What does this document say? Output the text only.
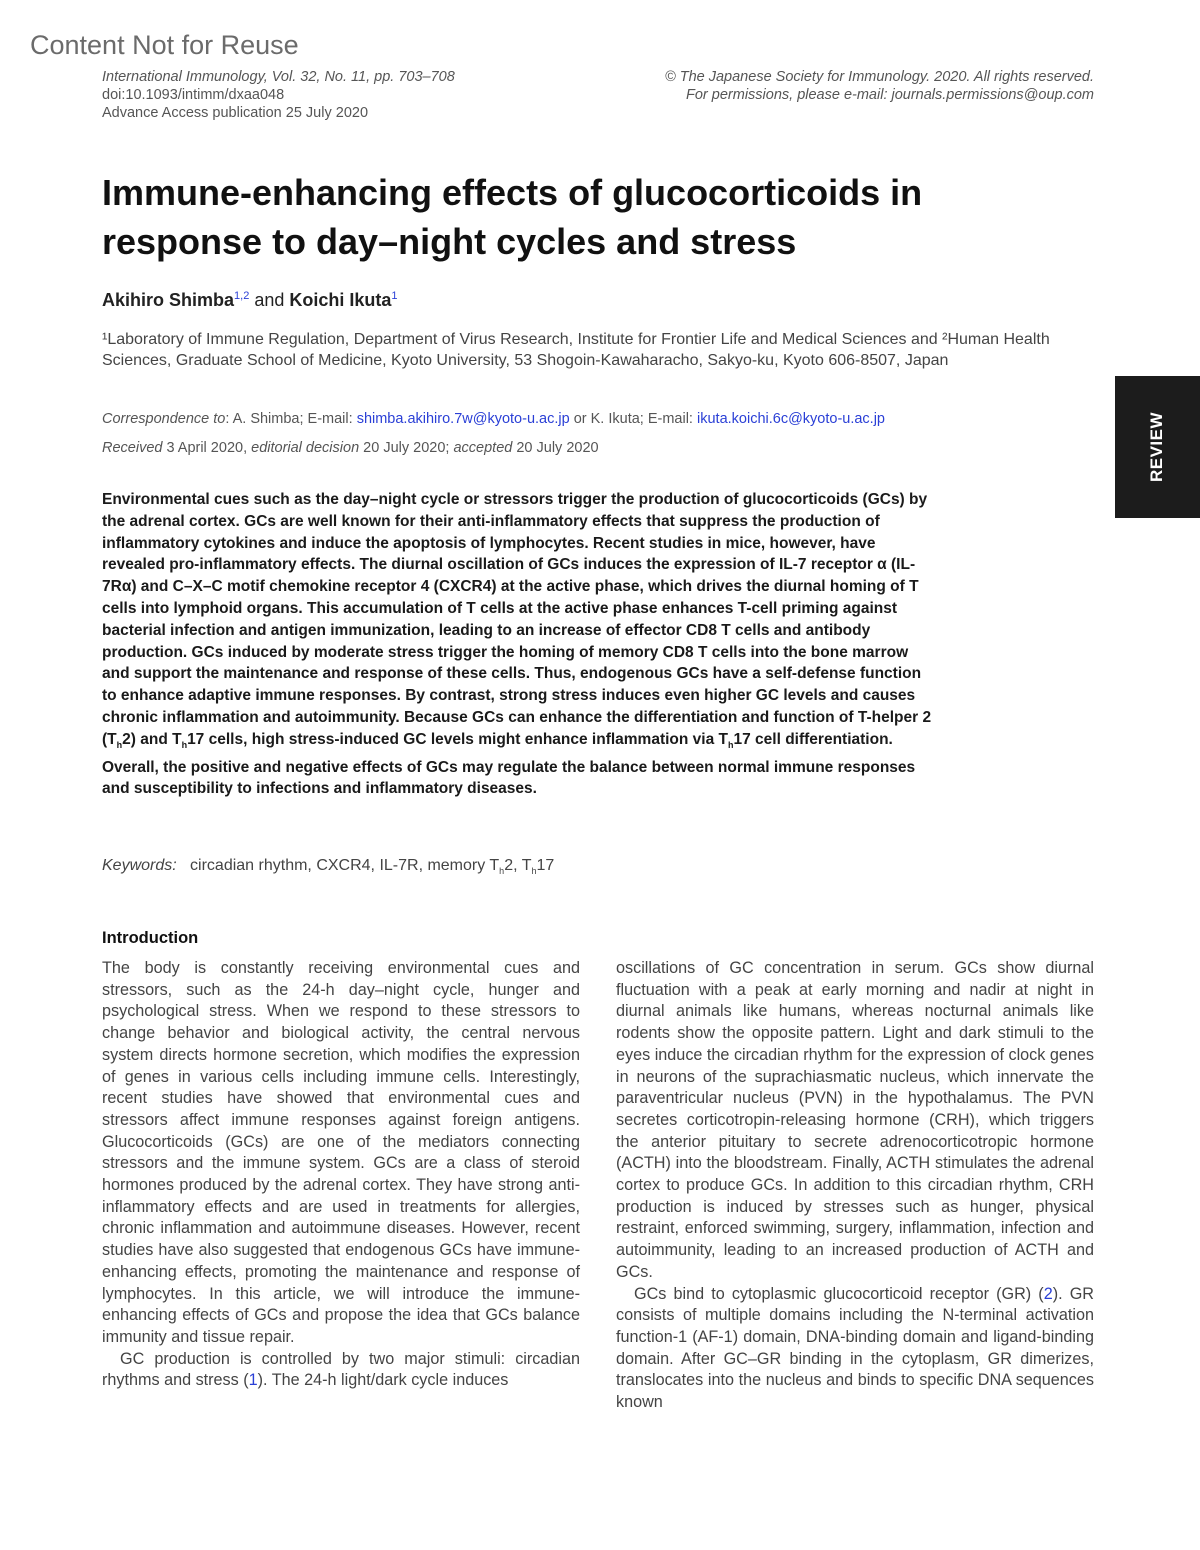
Content Not for Reuse
International Immunology, Vol. 32, No. 11, pp. 703–708
doi:10.1093/intimm/dxaa048
Advance Access publication 25 July 2020
© The Japanese Society for Immunology. 2020. All rights reserved.
For permissions, please e-mail: journals.permissions@oup.com
REVIEW
Immune-enhancing effects of glucocorticoids in response to day–night cycles and stress
Akihiro Shimba$^{1,2}$ and Koichi Ikuta$^1$
¹Laboratory of Immune Regulation, Department of Virus Research, Institute for Frontier Life and Medical Sciences and ²Human Health Sciences, Graduate School of Medicine, Kyoto University, 53 Shogoin-Kawaharacho, Sakyo-ku, Kyoto 606-8507, Japan
Correspondence to: A. Shimba; E-mail: shimba.akihiro.7w@kyoto-u.ac.jp or K. Ikuta; E-mail: ikuta.koichi.6c@kyoto-u.ac.jp
Received 3 April 2020, editorial decision 20 July 2020; accepted 20 July 2020
Environmental cues such as the day–night cycle or stressors trigger the production of glucocorticoids (GCs) by the adrenal cortex. GCs are well known for their anti-inflammatory effects that suppress the production of inflammatory cytokines and induce the apoptosis of lymphocytes. Recent studies in mice, however, have revealed pro-inflammatory effects. The diurnal oscillation of GCs induces the expression of IL-7 receptor α (IL-7Rα) and C–X–C motif chemokine receptor 4 (CXCR4) at the active phase, which drives the diurnal homing of T cells into lymphoid organs. This accumulation of T cells at the active phase enhances T-cell priming against bacterial infection and antigen immunization, leading to an increase of effector CD8 T cells and antibody production. GCs induced by moderate stress trigger the homing of memory CD8 T cells into the bone marrow and support the maintenance and response of these cells. Thus, endogenous GCs have a self-defense function to enhance adaptive immune responses. By contrast, strong stress induces even higher GC levels and causes chronic inflammation and autoimmunity. Because GCs can enhance the differentiation and function of T-helper 2 $(T_h2)$ and $T_h17$ cells, high stress-induced GC levels might enhance inflammation via $T_h17$ cell differentiation. Overall, the positive and negative effects of GCs may regulate the balance between normal immune responses and susceptibility to infections and inflammatory diseases.
Keywords: circadian rhythm, CXCR4, IL-7R, memory $T_h2$, $T_h17$
Introduction

The body is constantly receiving environmental cues and stressors, such as the 24-h day–night cycle, hunger and psychological stress. When we respond to these stressors to change behavior and biological activity, the central nervous system directs hormone secretion, which modifies the expression of genes in various cells including immune cells. Interestingly, recent studies have showed that environmental cues and stressors affect immune responses against foreign antigens. Glucocorticoids (GCs) are one of the mediators connecting stressors and the immune system. GCs are a class of steroid hormones produced by the adrenal cortex. They have strong anti-inflammatory effects and are used in treatments for allergies, chronic inflammation and autoimmune diseases. However, recent studies have also suggested that endogenous GCs have immune-enhancing effects, promoting the maintenance and response of lymphocytes. In this article, we will introduce the immune-enhancing effects of GCs and propose the idea that GCs balance immunity and tissue repair.

GC production is controlled by two major stimuli: circadian rhythms and stress (1). The 24-h light/dark cycle induces

oscillations of GC concentration in serum. GCs show diurnal fluctuation with a peak at early morning and nadir at night in diurnal animals like humans, whereas nocturnal animals like rodents show the opposite pattern. Light and dark stimuli to the eyes induce the circadian rhythm for the expression of clock genes in neurons of the suprachiasmatic nucleus, which innervate the paraventricular nucleus (PVN) in the hypothalamus. The PVN secretes corticotropin-releasing hormone (CRH), which triggers the anterior pituitary to secrete adrenocorticotropic hormone (ACTH) into the bloodstream. Finally, ACTH stimulates the adrenal cortex to produce GCs. In addition to this circadian rhythm, CRH production is induced by stresses such as hunger, physical restraint, enforced swimming, surgery, inflammation, infection and autoimmunity, leading to an increased production of ACTH and GCs.

GCs bind to cytoplasmic glucocorticoid receptor (GR) (2). GR consists of multiple domains including the N-terminal activation function-1 (AF-1) domain, DNA-binding domain and ligand-binding domain. After GC–GR binding in the cytoplasm, GR dimerizes, translocates into the nucleus and binds to specific DNA sequences known
